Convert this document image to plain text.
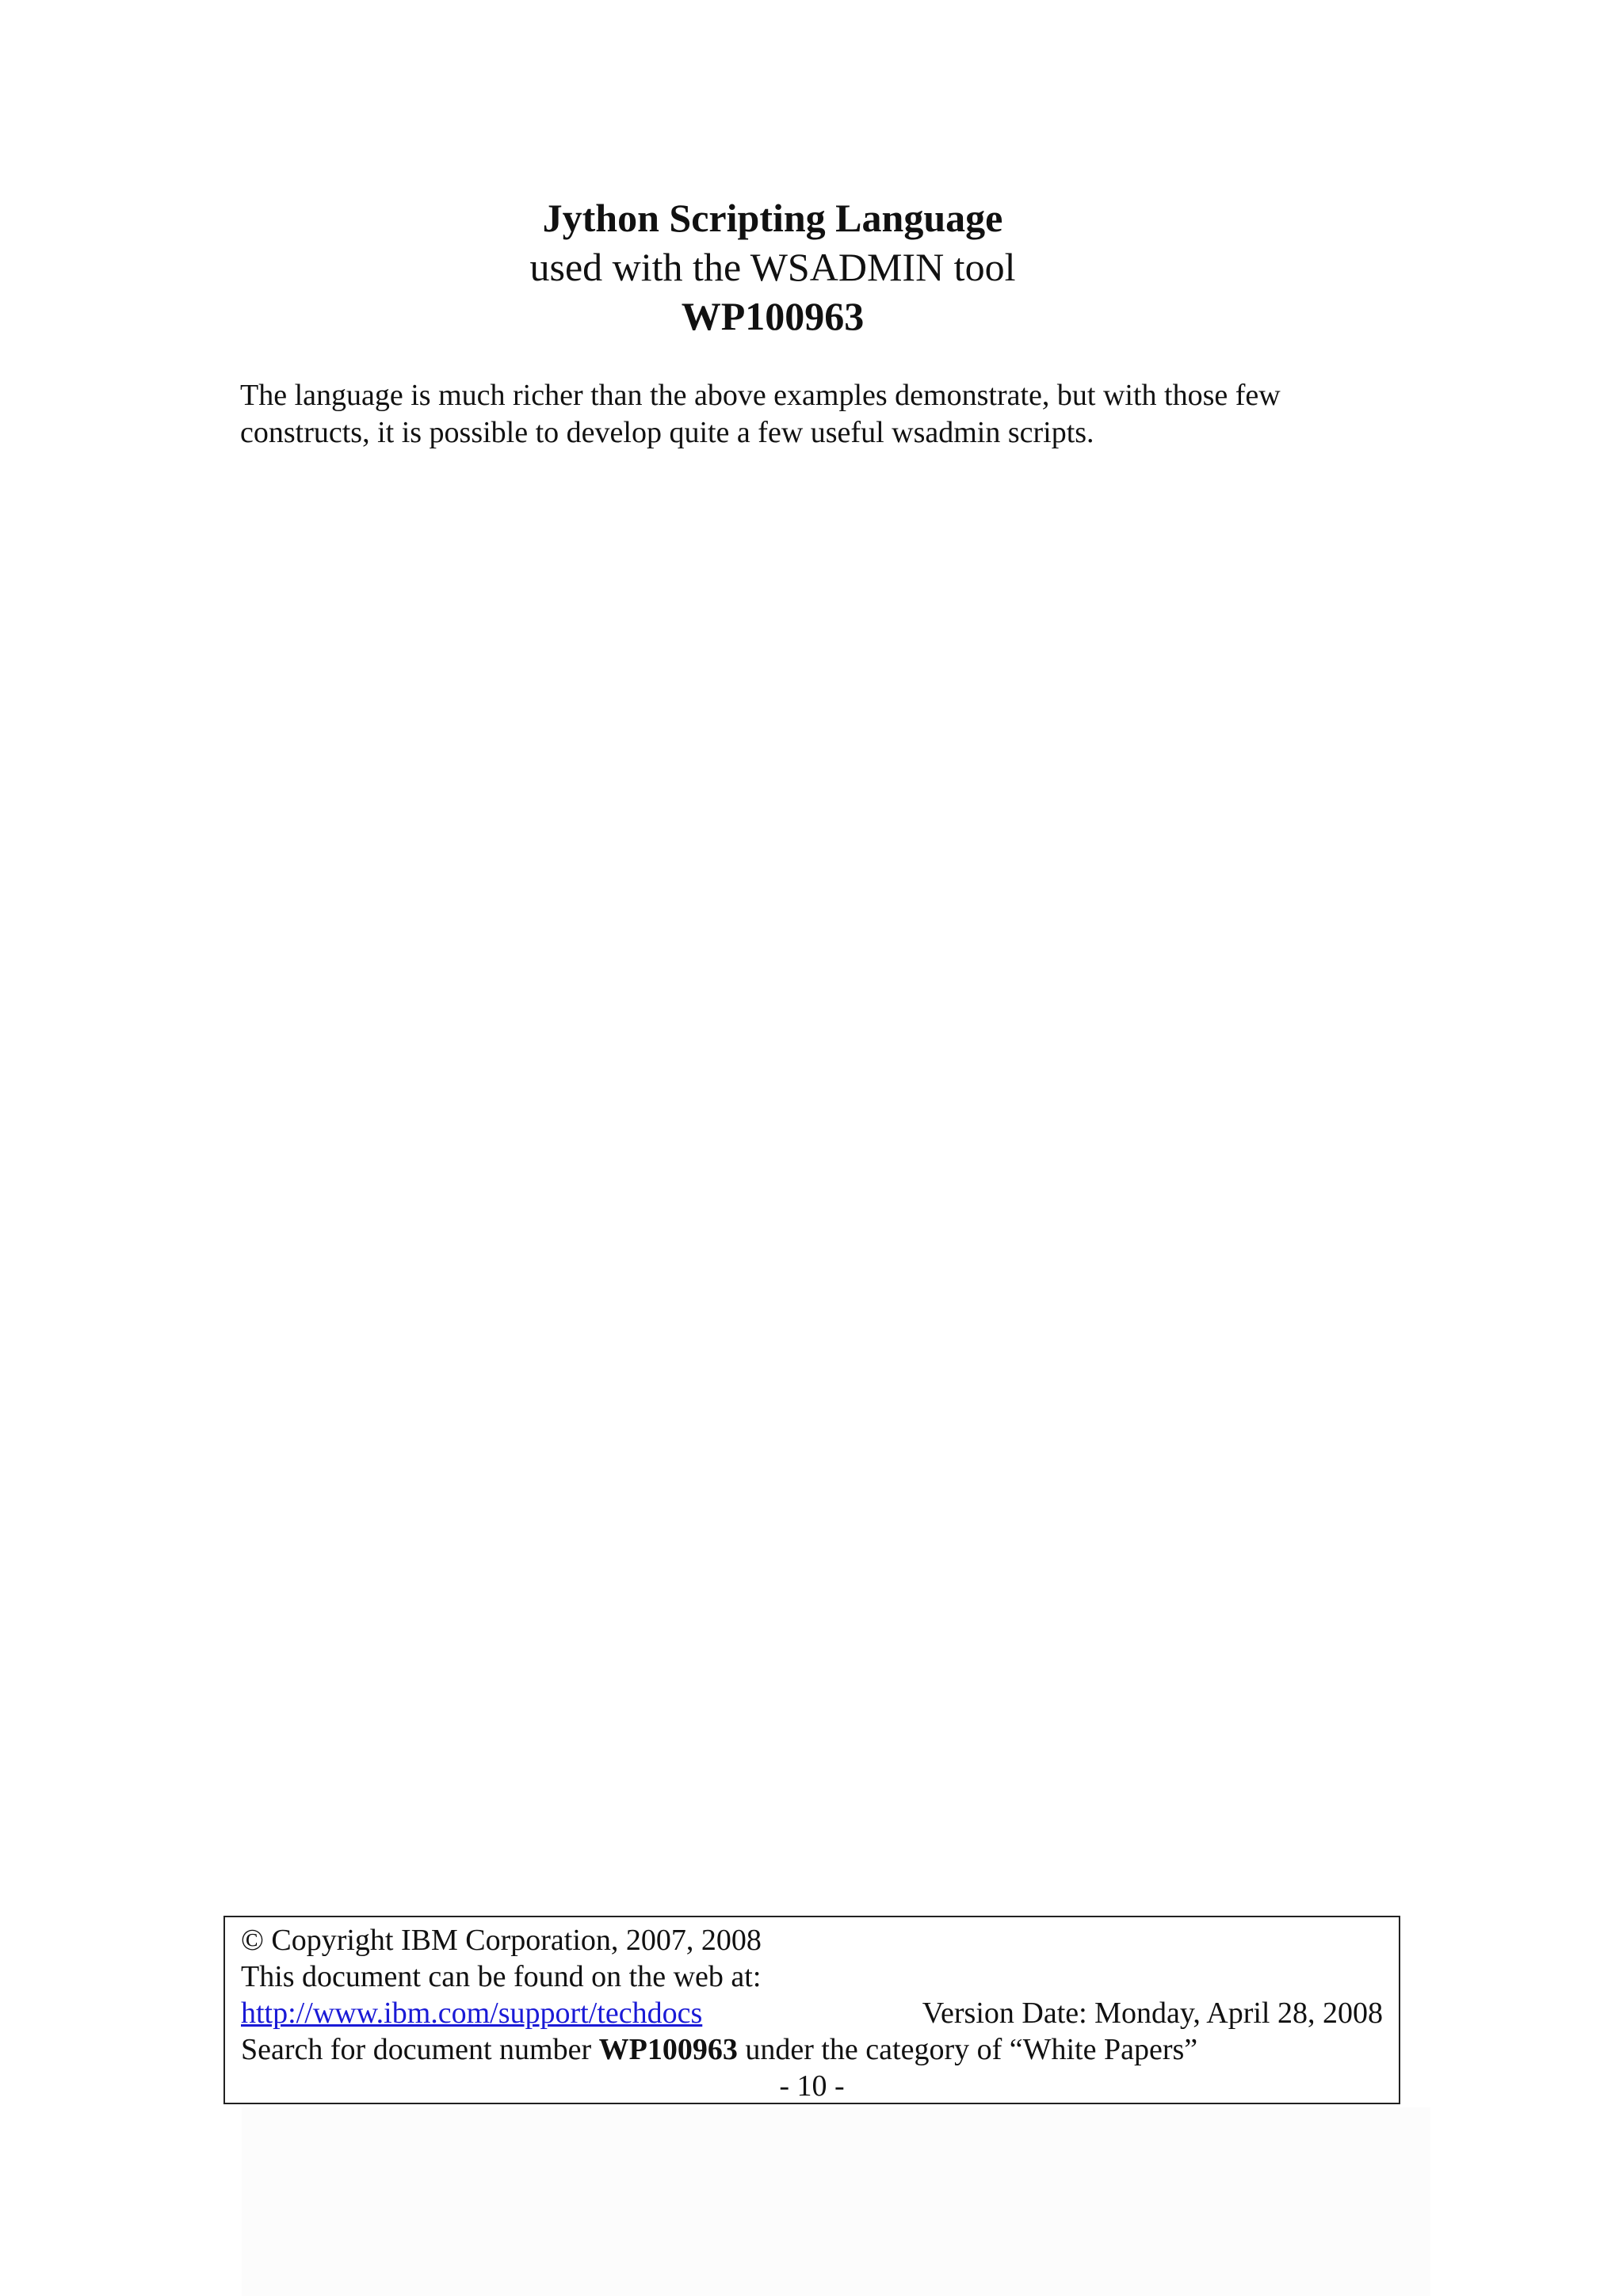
Jython Scripting Language
used with the WSADMIN tool
WP100963

The language is much richer than the above examples demonstrate, but with those few

constructs, it is possible to develop quite a few useful wsadmin scripts.

© Copyright IBM Corporation, 2007, 2008
This document can be found on the web at:
http://www.ibm.com/support/techdocs	Version Date: Monday, April 28, 2008
Search for document number WP100963 under the category of “White Papers”
- 10 -
